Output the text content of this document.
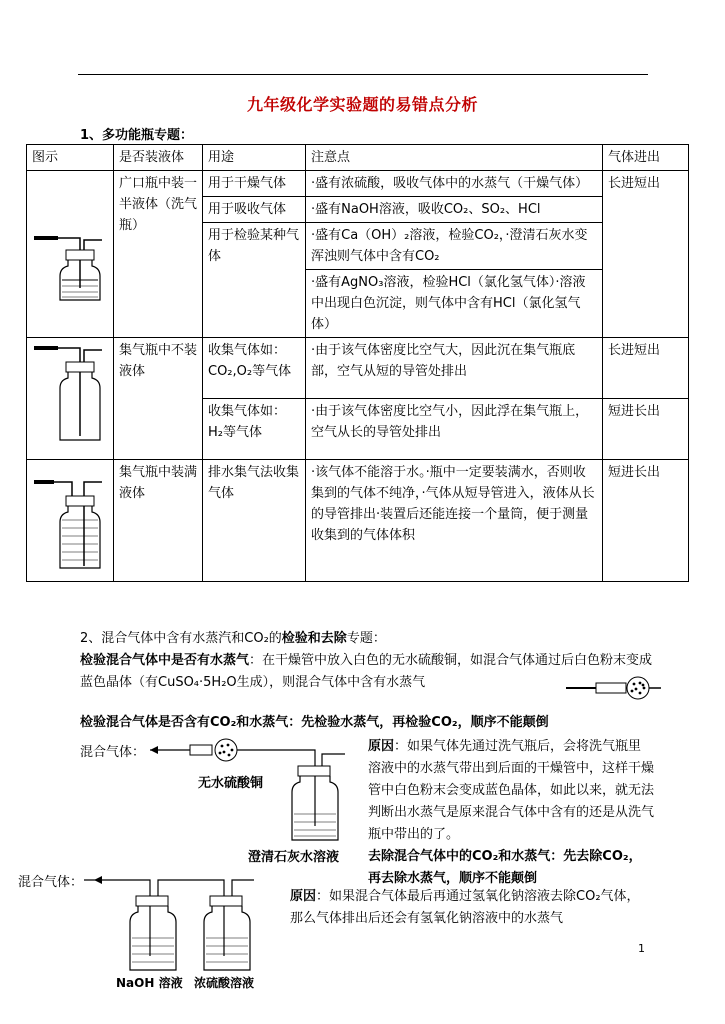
九年级化学实验题的易错点分析
1、多功能瓶专题：
图示	是否装液体	用途	注意点	气体进出
	广口瓶中装一半液体（洗气瓶）	用于干燥气体	·盛有浓硫酸，吸收气体中的水蒸气（干燥气体）	长进短出
		用于吸收气体	·盛有NaOH溶液，吸收CO₂、SO₂、HCl	
		用于检验某种气体	·盛有Ca（OH）₂溶液，检验CO₂，·澄清石灰水变浑浊则气体中含有CO₂	
			·盛有AgNO₃溶液，检验HCl（氯化氢气体）·溶液中出现白色沉淀，则气体中含有HCl（氯化氢气体）	
	集气瓶中不装液体	收集气体如：CO₂,O₂等气体	·由于该气体密度比空气大，因此沉在集气瓶底部，空气从短的导管处排出	长进短出
		收集气体如：H₂等气体	·由于该气体密度比空气小，因此浮在集气瓶上，空气从长的导管处排出	短进长出
	集气瓶中装满液体	排水集气法收集气体	·该气体不能溶于水。·瓶中一定要装满水，否则收集到的气体不纯净，·气体从短导管进入，液体从长的导管排出·装置后还能连接一个量筒，便于测量收集到的气体体积	短进长出
2、混合气体中含有水蒸汽和CO₂的检验和去除专题：
检验混合气体中是否有水蒸气：在干燥管中放入白色的无水硫酸铜，如混合气体通过后白色粉末变成蓝色晶体（有CuSO₄·5H₂O生成），则混合气体中含有水蒸气
检验混合气体是否含有CO₂和水蒸气：先检验水蒸气，再检验CO₂，顺序不能颠倒
混合气体：
无水硫酸铜
澄清石灰水溶液
原因：如果气体先通过洗气瓶后，会将洗气瓶里溶液中的水蒸气带出到后面的干燥管中，这样干燥管中白色粉末会变成蓝色晶体，如此以来，就无法判断出水蒸气是原来混合气体中含有的还是从洗气瓶中带出的了。
去除混合气体中的CO₂和水蒸气：先去除CO₂，再去除水蒸气，顺序不能颠倒
混合气体：
NaOH 溶液 浓硫酸溶液
原因：如果混合气体最后再通过氢氧化钠溶液去除CO₂气体，那么气体排出后还会有氢氧化钠溶液中的水蒸气
1
